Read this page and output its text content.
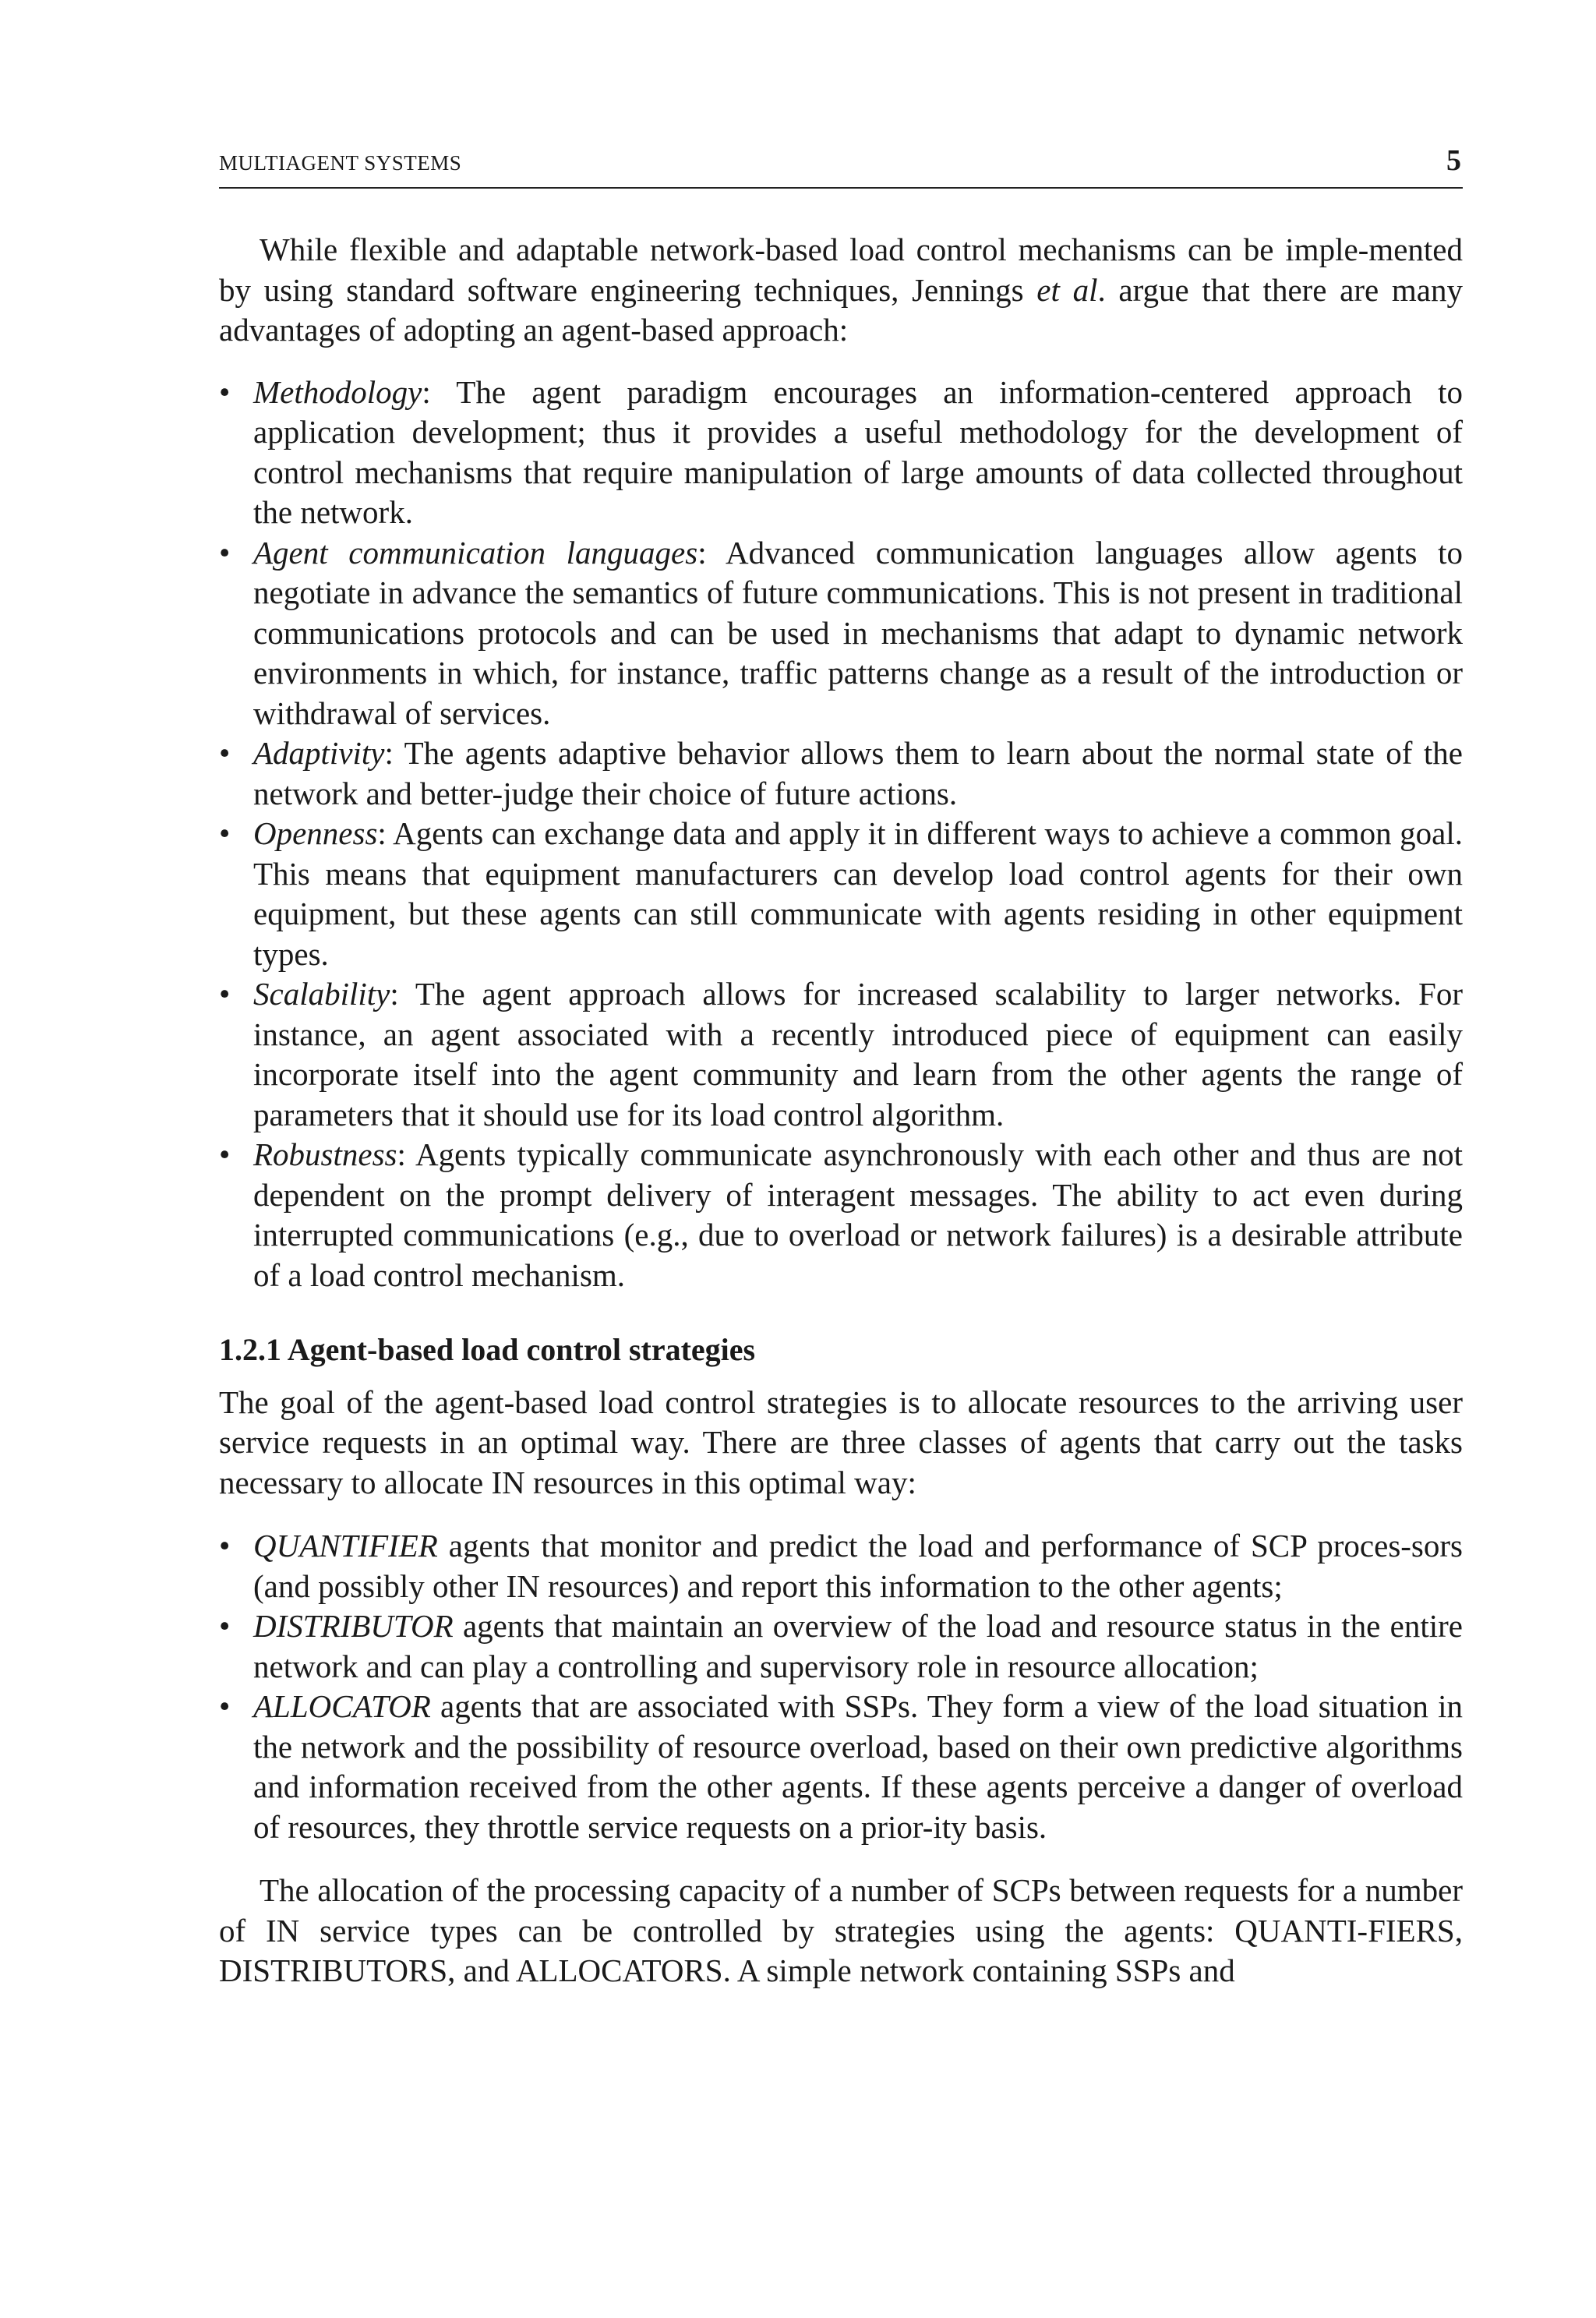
MULTIAGENT SYSTEMS	5

While flexible and adaptable network-based load control mechanisms can be imple-mented by using standard software engineering techniques, Jennings et al. argue that there are many advantages of adopting an agent-based approach:

• Methodology: The agent paradigm encourages an information-centered approach to application development; thus it provides a useful methodology for the development of control mechanisms that require manipulation of large amounts of data collected throughout the network.
• Agent communication languages: Advanced communication languages allow agents to negotiate in advance the semantics of future communications. This is not present in traditional communications protocols and can be used in mechanisms that adapt to dynamic network environments in which, for instance, traffic patterns change as a result of the introduction or withdrawal of services.
• Adaptivity: The agents adaptive behavior allows them to learn about the normal state of the network and better-judge their choice of future actions.
• Openness: Agents can exchange data and apply it in different ways to achieve a common goal. This means that equipment manufacturers can develop load control agents for their own equipment, but these agents can still communicate with agents residing in other equipment types.
• Scalability: The agent approach allows for increased scalability to larger networks. For instance, an agent associated with a recently introduced piece of equipment can easily incorporate itself into the agent community and learn from the other agents the range of parameters that it should use for its load control algorithm.
• Robustness: Agents typically communicate asynchronously with each other and thus are not dependent on the prompt delivery of interagent messages. The ability to act even during interrupted communications (e.g., due to overload or network failures) is a desirable attribute of a load control mechanism.

1.2.1 Agent-based load control strategies

The goal of the agent-based load control strategies is to allocate resources to the arriving user service requests in an optimal way. There are three classes of agents that carry out the tasks necessary to allocate IN resources in this optimal way:

• QUANTIFIER agents that monitor and predict the load and performance of SCP proces-sors (and possibly other IN resources) and report this information to the other agents;
• DISTRIBUTOR agents that maintain an overview of the load and resource status in the entire network and can play a controlling and supervisory role in resource allocation;
• ALLOCATOR agents that are associated with SSPs. They form a view of the load situation in the network and the possibility of resource overload, based on their own predictive algorithms and information received from the other agents. If these agents perceive a danger of overload of resources, they throttle service requests on a prior-ity basis.

The allocation of the processing capacity of a number of SCPs between requests for a number of IN service types can be controlled by strategies using the agents: QUANTI-FIERS, DISTRIBUTORS, and ALLOCATORS. A simple network containing SSPs and
